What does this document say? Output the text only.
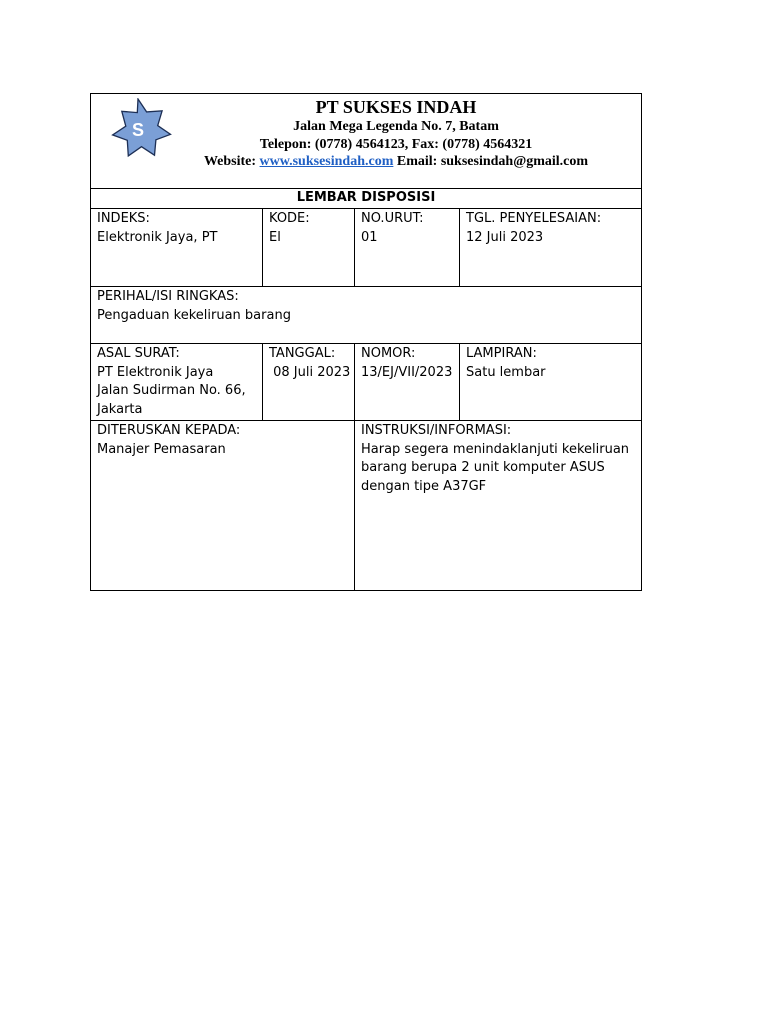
S
PT SUKSES INDAH
Jalan Mega Legenda No. 7, Batam
Telepon: (0778) 4564123, Fax: (0778) 4564321
Website: www.suksesindah.com Email: suksesindah@gmail.com
LEMBAR DISPOSISI
INDEKS:
Elektronik Jaya, PT
KODE:
El
NO.URUT:
01
TGL. PENYELESAIAN:
12 Juli 2023
PERIHAL/ISI RINGKAS:
Pengaduan kekeliruan barang
ASAL SURAT:
PT Elektronik Jaya
Jalan Sudirman No. 66,
Jakarta
TANGGAL:
08 Juli 2023
NOMOR:
13/EJ/VII/2023
LAMPIRAN:
Satu lembar
DITERUSKAN KEPADA:
Manajer Pemasaran
INSTRUKSI/INFORMASI:
Harap segera menindaklanjuti kekeliruan
barang berupa 2 unit komputer ASUS
dengan tipe A37GF
